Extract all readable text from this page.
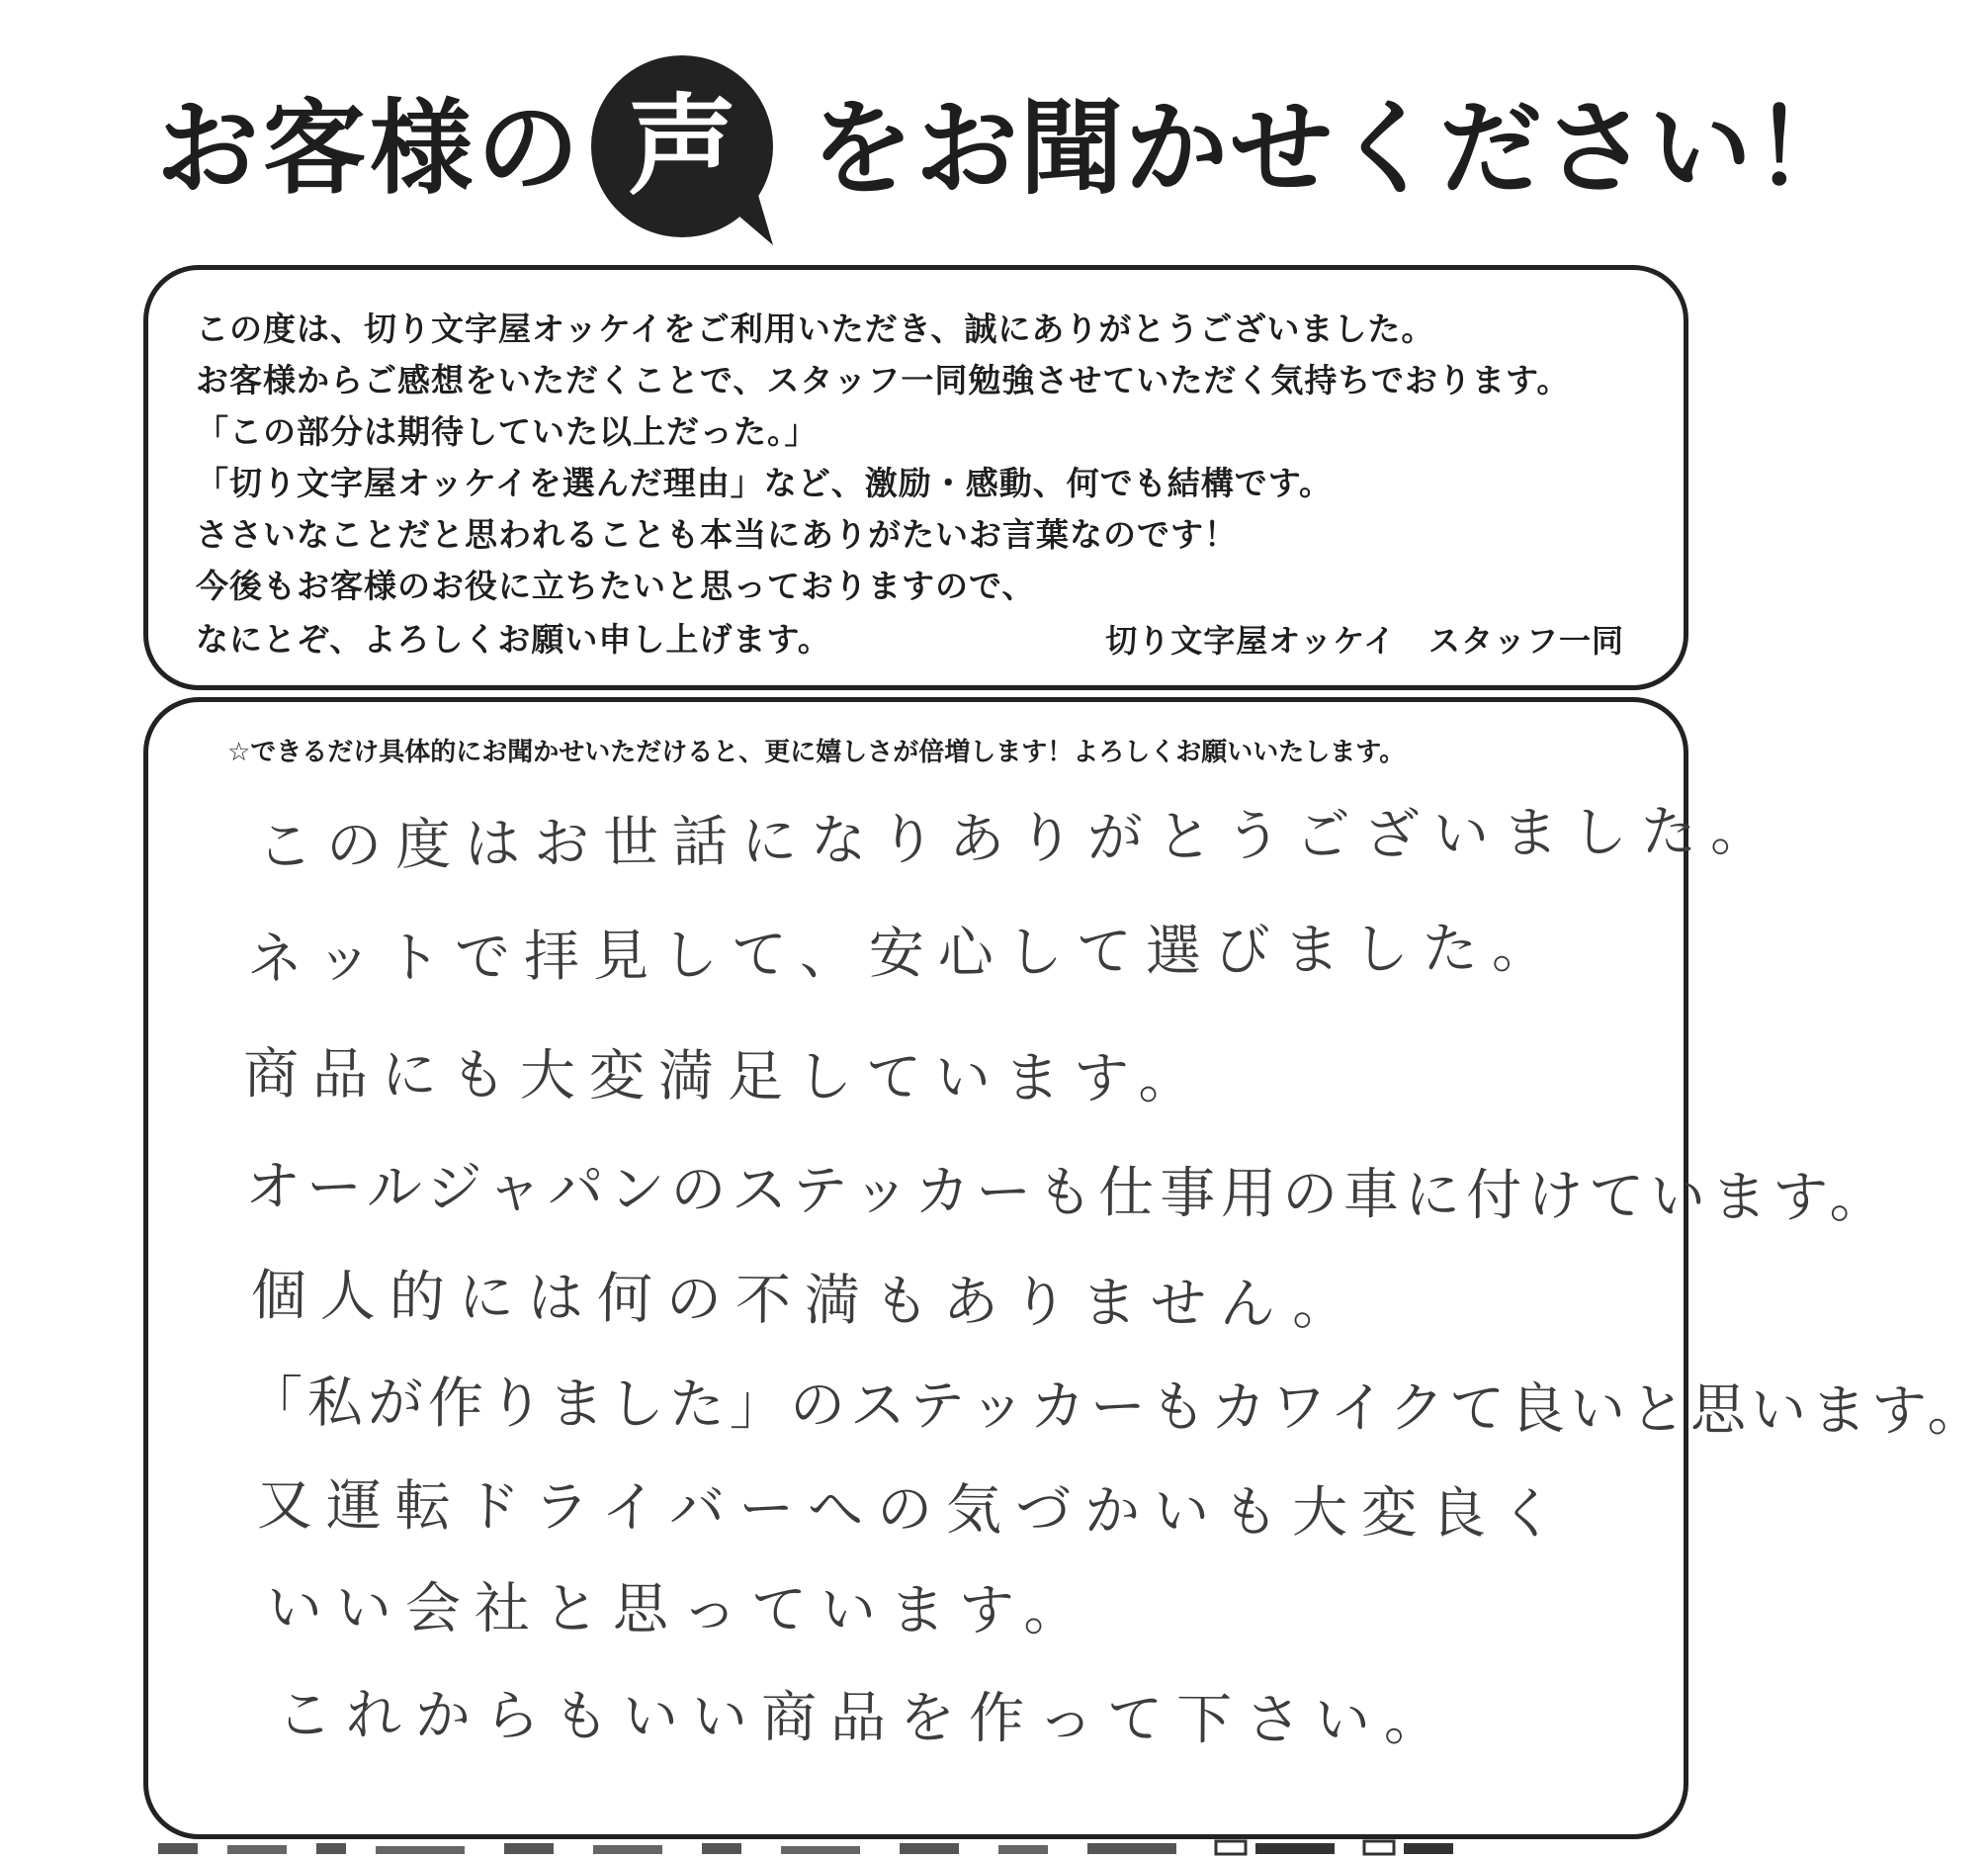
お客様の 声 をお聞かせください！
この度は、切り文字屋オッケイをご利用いただき、誠にありがとうございました。
お客様からご感想をいただくことで、スタッフ一同勉強させていただく気持ちでおります。
「この部分は期待していた以上だった。」
「切り文字屋オッケイを選んだ理由」など、激励・感動、何でも結構です。
ささいなことだと思われることも本当にありがたいお言葉なのです！
今後もお客様のお役に立ちたいと思っておりますので、
なにとぞ、よろしくお願い申し上げます。	切り文字屋オッケイ　スタッフ一同
☆できるだけ具体的にお聞かせいただけると、更に嬉しさが倍増します！よろしくお願いいたします。
この度はお世話になりありがとうございました。
ネットで拝見して、安心して選びました。
商品にも大変満足しています。
オールジャパンのステッカーも仕事用の車に付けています。
個人的には何の不満もありません。
「私が作りました」のステッカーもカワイクて良いと思います。
又運転ドライバーへの気づかいも大変良く
いい会社と思っています。
これからもいい商品を作って下さい。
